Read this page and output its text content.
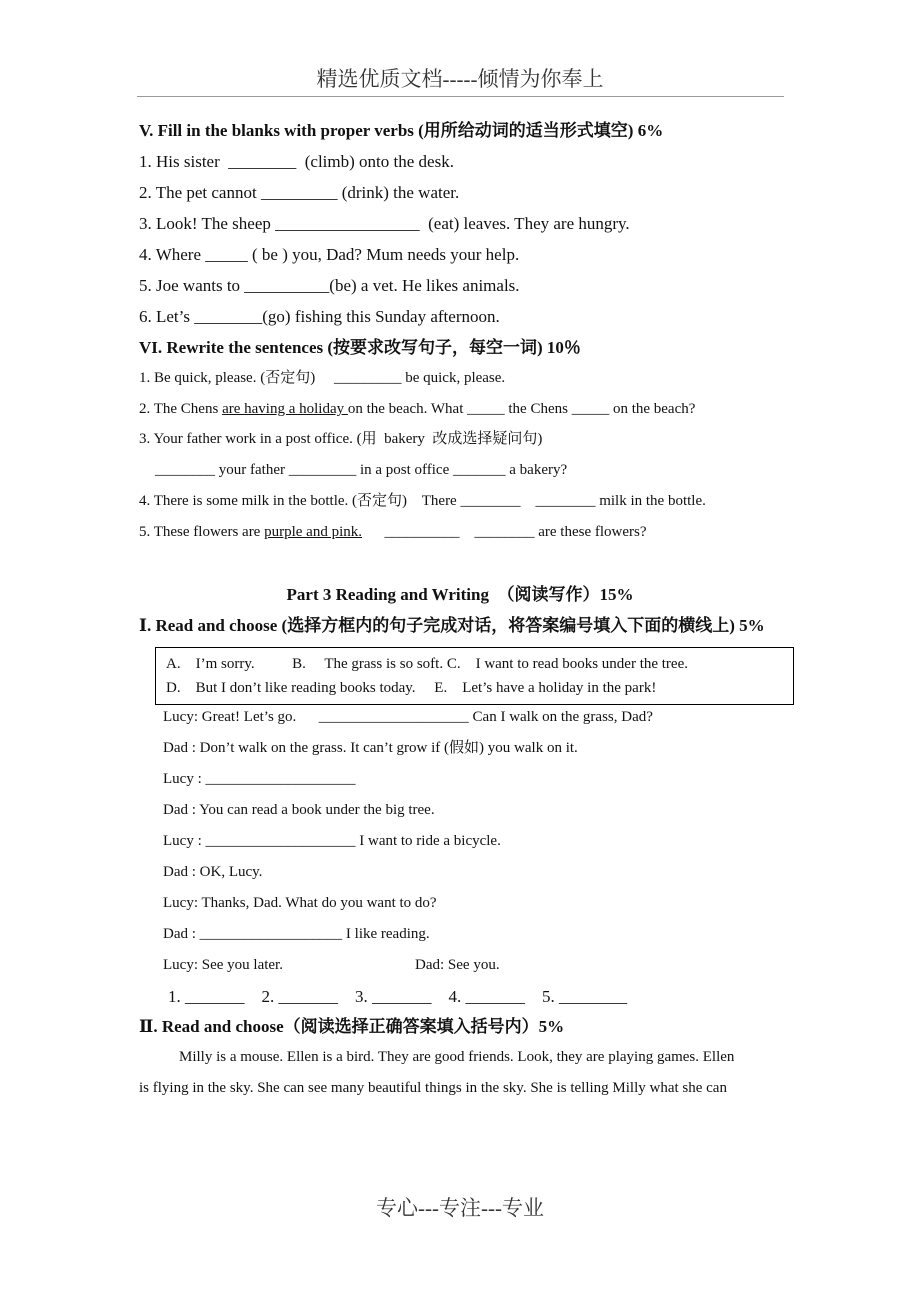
精选优质文档-----倾情为你奉上
V. Fill in the blanks with proper verbs (用所给动词的适当形式填空) 6%
1. His sister  ________  (climb) onto the desk.
2. The pet cannot _________ (drink) the water.
3. Look! The sheep _________________  (eat) leaves. They are hungry.
4. Where _____ ( be ) you, Dad? Mum needs your help.
5. Joe wants to __________(be) a vet. He likes animals.
6. Let’s ________(go) fishing this Sunday afternoon.
VI. Rewrite the sentences (按要求改写句子，每空一词) 10％
1. Be quick, please. (否定句)     _________ be quick, please.
2. The Chens are having a holiday on the beach. What _____ the Chens _____ on the beach?
3. Your father work in a post office. (用  bakery  改成选择疑问句)
________ your father _________ in a post office _______ a bakery?
4. There is some milk in the bottle. (否定句)    There ________    ________ milk in the bottle.
5. These flowers are purple and pink.      __________    ________ are these flowers?
Part 3 Reading and Writing  （阅读写作）15%
Ⅰ. Read and choose (选择方框内的句子完成对话，将答案编号填入下面的横线上) 5%
A.    I’m sorry.          B.     The grass is so soft. C.    I want to read books under the tree.
D.    But I don’t like reading books today.     E.    Let’s have a holiday in the park!
Lucy: Great! Let’s go.      ____________________ Can I walk on the grass, Dad?
Dad : Don’t walk on the grass. It can’t grow if (假如) you walk on it.
Lucy : ____________________
Dad : You can read a book under the big tree.
Lucy : ____________________ I want to ride a bicycle.
Dad : OK, Lucy.
Lucy: Thanks, Dad. What do you want to do?
Dad : ___________________ I like reading.
Lucy: See you later.	Dad: See you.
1. _______    2. _______    3. _______    4. _______    5. ________
Ⅱ. Read and choose（阅读选择正确答案填入括号内）5%
Milly is a mouse. Ellen is a bird. They are good friends. Look, they are playing games. Ellen
is flying in the sky. She can see many beautiful things in the sky. She is telling Milly what she can
专心---专注---专业
